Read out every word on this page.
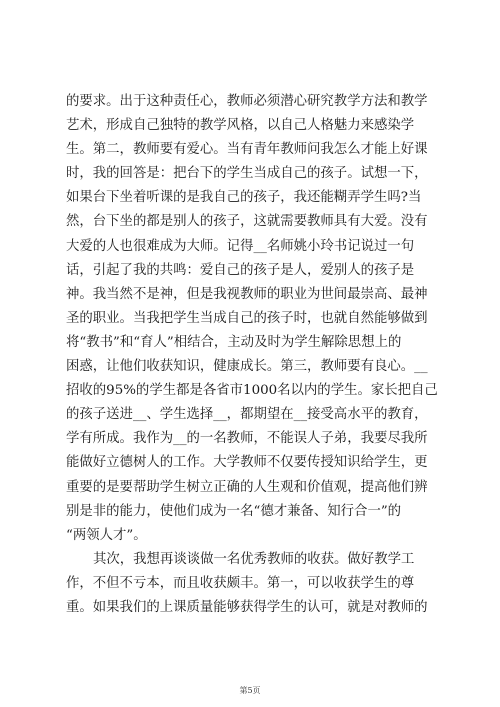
的要求。出于这种责任心，教师必须潜心研究教学方法和教学
艺术，形成自己独特的教学风格，以自己人格魅力来感染学
生。第二，教师要有爱心。当有青年教师问我怎么才能上好课
时，我的回答是：把台下的学生当成自己的孩子。试想一下，
如果台下坐着听课的是我自己的孩子，我还能糊弄学生吗?当
然，台下坐的都是别人的孩子，这就需要教师具有大爱。没有
大爱的人也很难成为大师。记得__名师姚小玲书记说过一句
话，引起了我的共鸣：爱自己的孩子是人，爱别人的孩子是
神。我当然不是神，但是我视教师的职业为世间最崇高、最神
圣的职业。当我把学生当成自己的孩子时，也就自然能够做到
将“教书”和“育人”相结合，主动及时为学生解除思想上的
困惑，让他们收获知识，健康成长。第三，教师要有良心。__
招收的95%的学生都是各省市1000名以内的学生。家长把自己
的孩子送进__、学生选择__，都期望在__接受高水平的教育，
学有所成。我作为__的一名教师，不能误人子弟，我要尽我所
能做好立德树人的工作。大学教师不仅要传授知识给学生，更
重要的是要帮助学生树立正确的人生观和价值观，提高他们辨
别是非的能力，使他们成为一名“德才兼备、知行合一”的
“两领人才”。
其次，我想再谈谈做一名优秀教师的收获。做好教学工
作，不但不亏本，而且收获颇丰。第一，可以收获学生的尊
重。如果我们的上课质量能够获得学生的认可，就是对教师的
第5页
